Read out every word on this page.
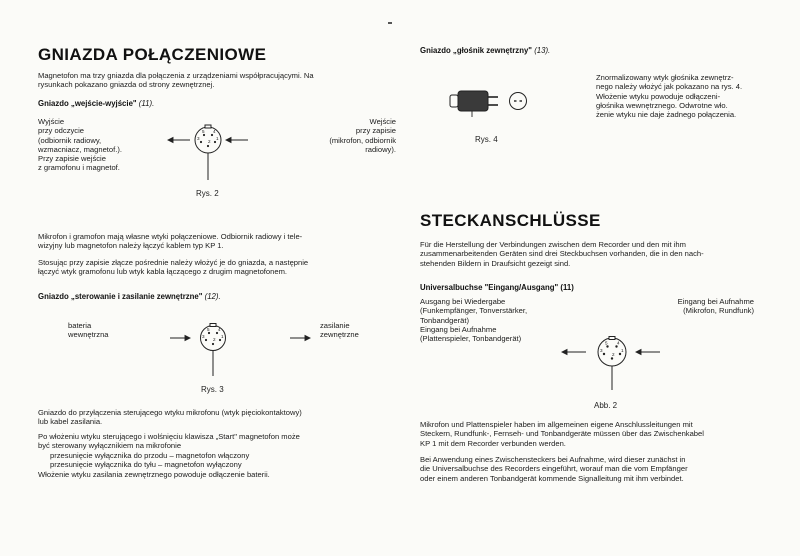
GNIAZDA POŁĄCZENIOWE

Magnetofon ma trzy gniazda dla połączenia z urządzeniami współpracującymi. Na
rysunkach pokazano gniazda od strony zewnętrznej.

Gniazdo „wejście-wyjście" (11).

Wyjście
przy odczycie
(odbiornik radiowy,
wzmacniacz, magnetof.).
Przy zapisie wejście
z gramofonu i magnetof.

Wejście
przy zapisie
(mikrofon, odbiornik
radiowy).

3
5
2
4
1

Rys. 2

Mikrofon i gramofon mają własne wtyki połączeniowe. Odbiornik radiowy i tele-
wizyjny lub magnetofon należy łączyć kablem typ KP 1.

Stosując przy zapisie złącze pośrednie należy włożyć je do gniazda, a następnie
łączyć wtyk gramofonu lub wtyk kabla łączącego z drugim magnetofonem.

Gniazdo „sterowanie i zasilanie zewnętrzne" (12).

bateria
wewnętrzna

zasilanie
zewnętrzne

3
5
2
4
1

Rys. 3

Gniazdo do przyłączenia sterującego wtyku mikrofonu (wtyk pięciokontaktowy)
lub kabel zasilania.

Po włożeniu wtyku sterującego i wolśnięciu klawisza „Start" magnetofon może
być sterowany wyłącznikiem na mikrofonie

przesunięcie wyłącznika do przodu – magnetofon włączony
przesunięcie wyłącznika do tyłu – magnetofon wyłączony

Włożenie wtyku zasilania zewnętrznego powoduje odłączenie baterii.

Gniazdo „głośnik zewnętrzny" (13).

Rys. 4

Znormalizowany wtyk głośnika zewnętrz-
nego należy włożyć jak pokazano na rys. 4.
Włożenie wtyku powoduje odłączeni-
głośnika wewnętrznego. Odwrotne wło.
żenie wtyku nie daje żadnego połączenia.

STECKANSCHLÜSSE

Für die Herstellung der Verbindungen zwischen dem Recorder und den mit ihm
zusammenarbeitenden Geräten sind drei Steckbuchsen vorhanden, die in den nach-
stehenden Bildern in Draufsicht gezeigt sind.

Universalbuchse "Eingang/Ausgang" (11)

Ausgang bei Wiedergabe
(Funkempfänger, Tonverstärker,
Tonbandgerät)
Eingang bei Aufnahme
(Plattenspieler, Tonbandgerät)

Eingang bei Aufnahme
(Mikrofon, Rundfunk)

3
5
2
4
1

Abb. 2

Mikrofon und Plattenspieler haben im allgemeinen eigene Anschlussleitungen mit
Steckern, Rundfunk-, Fernseh- und Tonbandgeräte müssen über das Zwischenkabel
KP 1 mit dem Recorder verbunden werden.

Bei Anwendung eines Zwischensteckers bei Aufnahme, wird dieser zunächst in
die Universalbuchse des Recorders eingeführt, worauf man die vom Empfänger
oder einem anderen Tonbandgerät kommende Signalleitung mit ihm verbindet.
